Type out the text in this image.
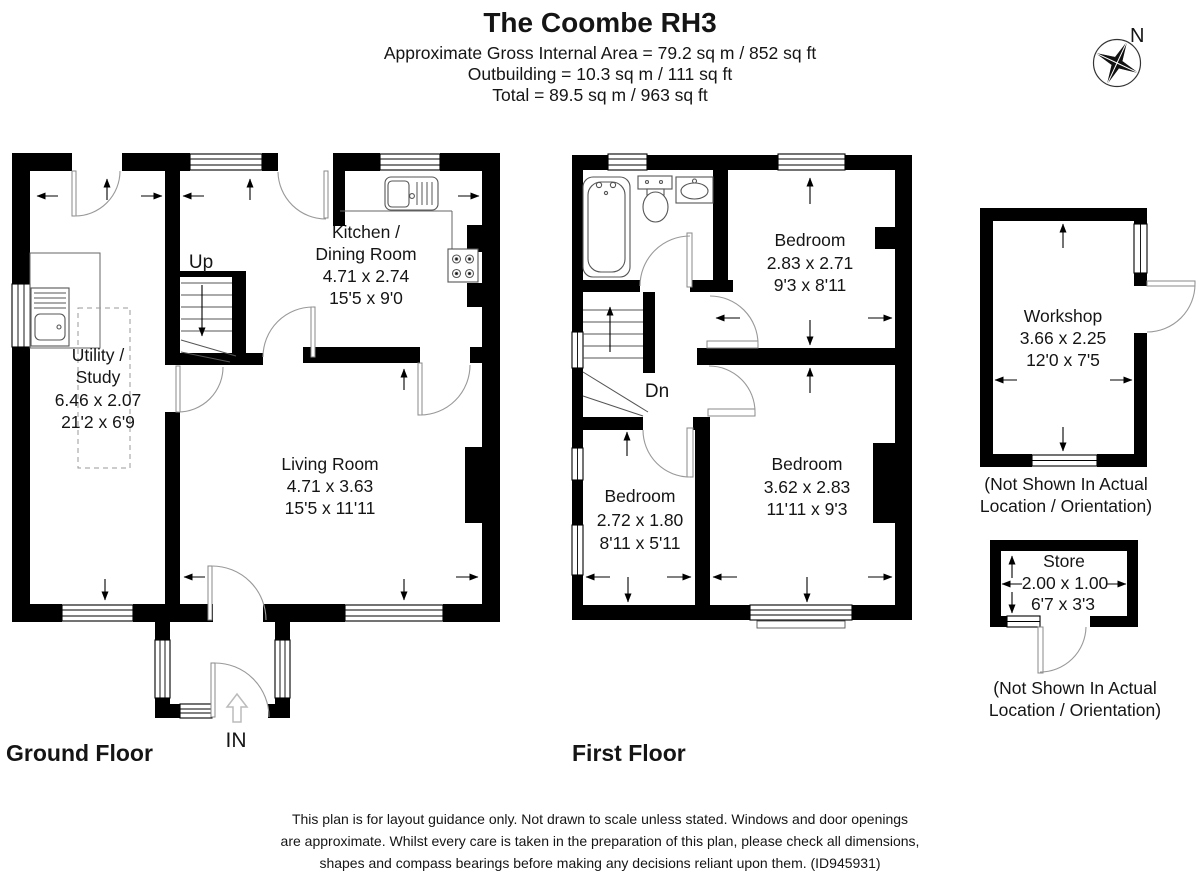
The Coombe RH3
Approximate Gross Internal Area = 79.2 sq m / 852 sq ft
Outbuilding = 10.3 sq m / 111 sq ft
Total = 89.5 sq m / 963 sq ft
N
Utility /
Study
6.46 x 2.07
21'2 x 6'9
Kitchen /
Dining Room
4.71 x 2.74
15'5 x 9'0
Living Room
4.71 x 3.63
15'5 x 11'11
Up
IN
Ground Floor
Bedroom
2.83 x 2.71
9'3 x 8'11
Bedroom
2.72 x 1.80
8'11 x 5'11
Bedroom
3.62 x 2.83
11'11 x 9'3
Dn
First Floor
Workshop
3.66 x 2.25
12'0 x 7'5
(Not Shown In Actual
Location / Orientation)
Store
2.00 x 1.00
6'7 x 3'3
(Not Shown In Actual
Location / Orientation)
This plan is for layout guidance only. Not drawn to scale unless stated. Windows and door openings
are approximate. Whilst every care is taken in the preparation of this plan, please check all dimensions,
shapes and compass bearings before making any decisions reliant upon them. (ID945931)
